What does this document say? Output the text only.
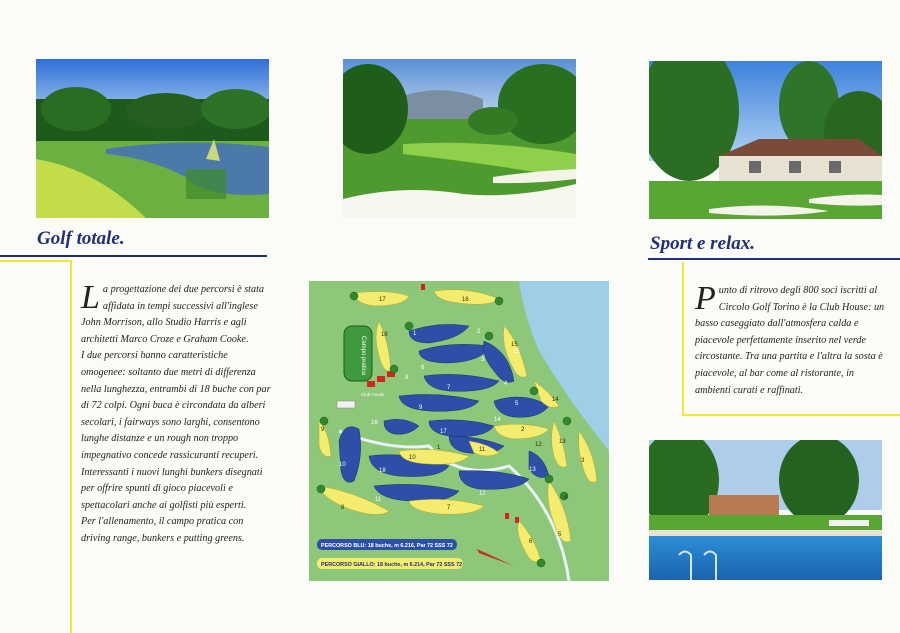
Golf totale.
L a progettazione dei due percorsi è stata affidata in tempi successivi all'inglese John Morrison, allo Studio Harris e agli architetti Marco Croze e Graham Cooke.

I due percorsi hanno caratteristiche omogenee: soltanto due metri di differenza nella lunghezza, entrambi di 18 buche con par di 72 colpi. Ogni buca è circondata da alberi secolari, i fairways sono larghi, consentono lunghe distanze e un rough non troppo impegnativo concede rassicuranti recuperi.

Interessanti i nuovi lunghi bunkers disegnati per offrire spunti di gioco piacevoli e spettacolari anche ai golfisti più esperti.

Per l'allenamento, il campo pratica con driving range, bunkers e putting greens.

Sport e relax.
P unto di ritrovo degli 800 soci iscritti al Circolo Golf Torino è la Club House: un basso caseggiato dall'atmosfera calda e piacevole perfettamente inserito nel verde circostante. Tra una partita e l'altra la sosta è piacevole, al bar come al ristorante, in ambienti curati e raffinati.

Campo pratica
Club House
1	2
3
4
5
6
7
8
9
10
11
12
13
14
15
16
17
18
1
2
3
4
5
6
7
8
9
10
11
12	13
14
15
16
17
18
PERCORSO BLU: 18 buche, m 6.216, Par 72 SSS 72
PERCORSO GIALLO: 18 buche, m 6.214, Par 72 SSS 72
